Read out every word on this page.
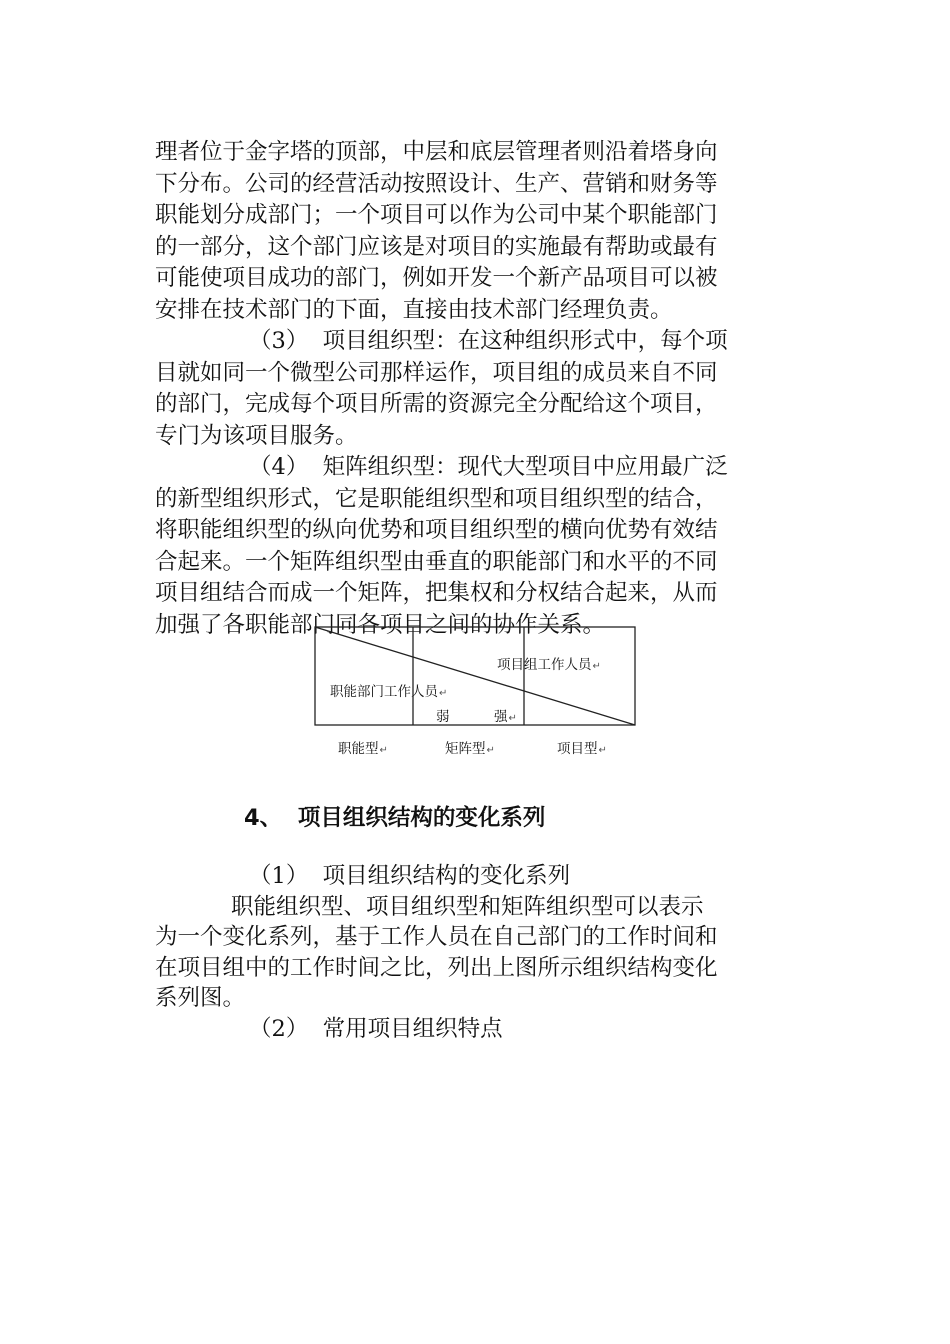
理者位于金字塔的顶部，中层和底层管理者则沿着塔身向
下分布。公司的经营活动按照设计、生产、营销和财务等
职能划分成部门；一个项目可以作为公司中某个职能部门
的一部分，这个部门应该是对项目的实施最有帮助或最有
可能使项目成功的部门，例如开发一个新产品项目可以被
安排在技术部门的下面，直接由技术部门经理负责。
（3）  项目组织型：在这种组织形式中，每个项
目就如同一个微型公司那样运作，项目组的成员来自不同
的部门，完成每个项目所需的资源完全分配给这个项目，
专门为该项目服务。
（4）  矩阵组织型：现代大型项目中应用最广泛
的新型组织形式，它是职能组织型和项目组织型的结合，
将职能组织型的纵向优势和项目组织型的横向优势有效结
合起来。一个矩阵组织型由垂直的职能部门和水平的不同
项目组结合而成一个矩阵，把集权和分权结合起来，从而
加强了各职能部门同各项目之间的协作关系。
项目组工作人员↵
职能部门工作人员↵
弱	强↵
职能型↵	矩阵型↵	项目型↵
4、  项目组织结构的变化系列
（1）  项目组织结构的变化系列
职能组织型、项目组织型和矩阵组织型可以表示
为一个变化系列，基于工作人员在自己部门的工作时间和
在项目组中的工作时间之比，列出上图所示组织结构变化
系列图。
（2）  常用项目组织特点
